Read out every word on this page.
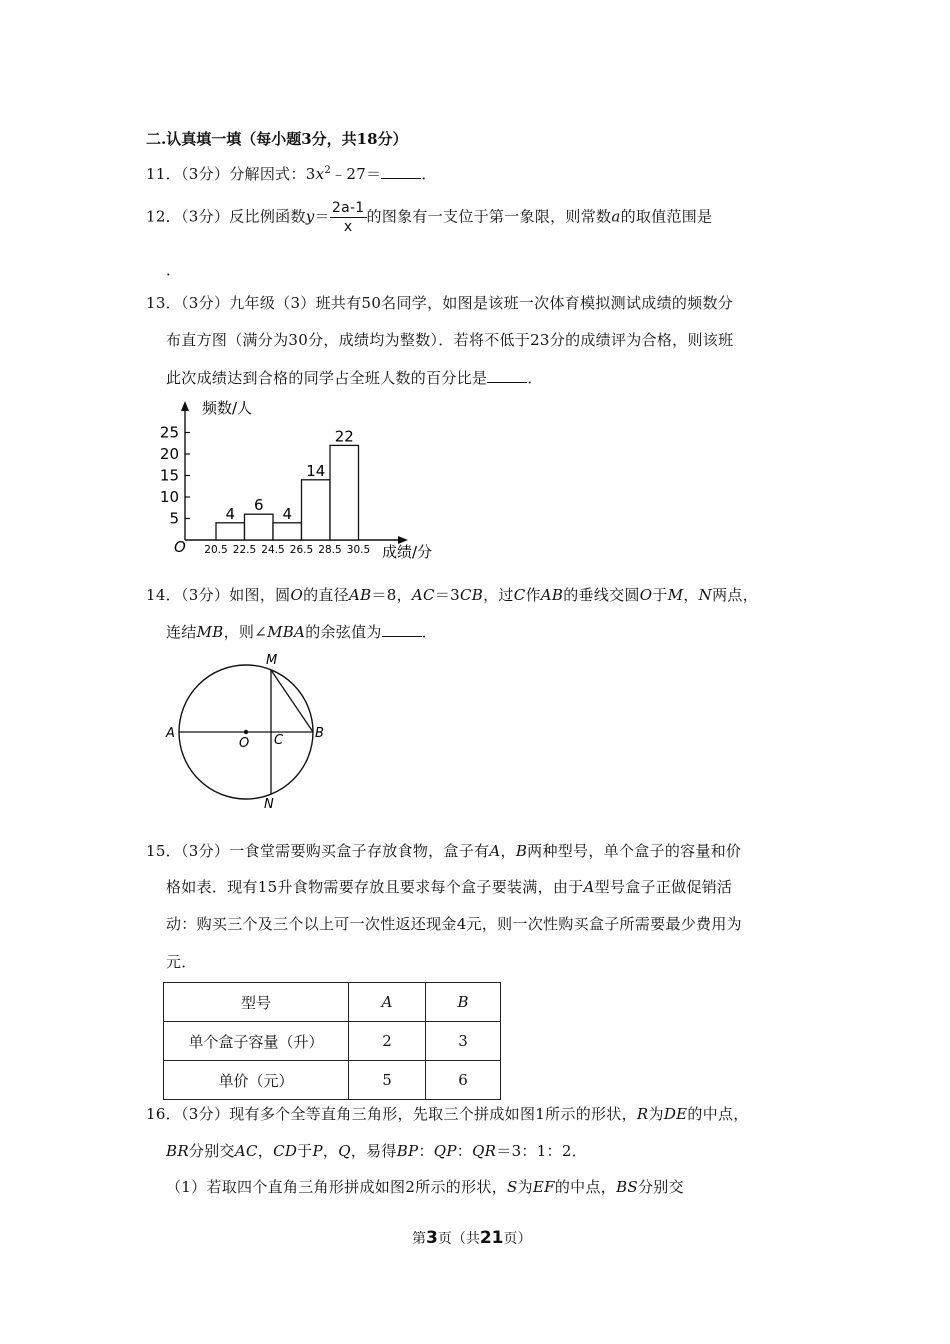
二.认真填一填（每小题3分，共18分）
11．（3分）分解因式：$3x^2﹣27=$	．
12．（3分）反比例函数$y= \frac{2a-1}{x}$ 的图象有一支位于第一象限，则常数a的取值范围是
．
13．（3分）九年级（3）班共有50名同学，如图是该班一次体育模拟测试成绩的频数分
布直方图（满分为30分，成绩均为整数）．若将不低于23分的成绩评为合格，则该班
此次成绩达到合格的同学占全班人数的百分比是	．
频数/人
成绩/分
O
5
10
15
20
25
4 6 4
14
22
20.5 22.5 24.5 26.5 28.5 30.5
14．（3分）如图，圆O的直径AB＝8，AC＝3CB，过C作AB的垂线交圆O于M，N两点，
连结MB，则∠MBA的余弦值为	．
A	B
O C
M
N
15．（3分）一食堂需要购买盒子存放食物，盒子有A，B两种型号，单个盒子的容量和价
格如表．现有15升食物需要存放且要求每个盒子要装满，由于A型号盒子正做促销活
动：购买三个及三个以上可一次性返还现金4元，则一次性购买盒子所需要最少费用为
元．
型号	A	B
单个盒子容量（升）	2	3
单价（元）	5	6
16．（3分）现有多个全等直角三角形，先取三个拼成如图1所示的形状，R为DE的中点，
BR分别交AC，CD于P，Q，易得BP：QP：QR＝3：1：2．
（1）若取四个直角三角形拼成如图2所示的形状，S为EF的中点，BS分别交
第3页（共21页）
